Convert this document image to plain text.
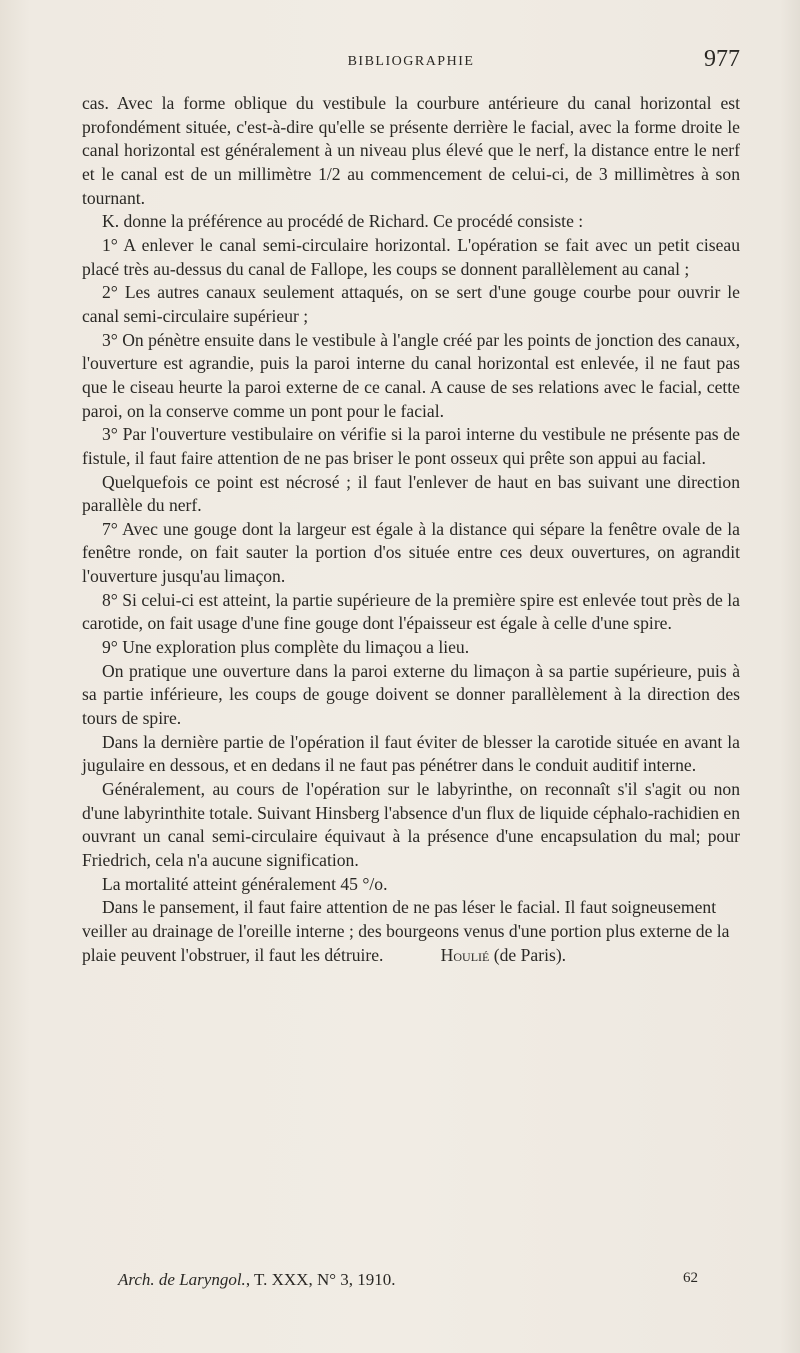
BIBLIOGRAPHIE	977

cas. Avec la forme oblique du vestibule la courbure antérieure du canal horizontal est profondément située, c'est-à-dire qu'elle se présente derrière le facial, avec la forme droite le canal horizontal est généralement à un niveau plus élevé que le nerf, la distance entre le nerf et le canal est de un millimètre 1/2 au commencement de celui-ci, de 3 millimètres à son tournant.

K. donne la préférence au procédé de Richard. Ce procédé consiste :

1° A enlever le canal semi-circulaire horizontal. L'opération se fait avec un petit ciseau placé très au-dessus du canal de Fallope, les coups se donnent parallèlement au canal ;

2° Les autres canaux seulement attaqués, on se sert d'une gouge courbe pour ouvrir le canal semi-circulaire supérieur ;

3° On pénètre ensuite dans le vestibule à l'angle créé par les points de jonction des canaux, l'ouverture est agrandie, puis la paroi interne du canal horizontal est enlevée, il ne faut pas que le ciseau heurte la paroi externe de ce canal. A cause de ses relations avec le facial, cette paroi, on la conserve comme un pont pour le facial.

3° Par l'ouverture vestibulaire on vérifie si la paroi interne du vestibule ne présente pas de fistule, il faut faire attention de ne pas briser le pont osseux qui prête son appui au facial.

Quelquefois ce point est nécrosé ; il faut l'enlever de haut en bas suivant une direction parallèle du nerf.

7° Avec une gouge dont la largeur est égale à la distance qui sépare la fenêtre ovale de la fenêtre ronde, on fait sauter la portion d'os située entre ces deux ouvertures, on agrandit l'ouverture jusqu'au limaçon.

8° Si celui-ci est atteint, la partie supérieure de la première spire est enlevée tout près de la carotide, on fait usage d'une fine gouge dont l'épaisseur est égale à celle d'une spire.

9° Une exploration plus complète du limaçou a lieu.

On pratique une ouverture dans la paroi externe du limaçon à sa partie supérieure, puis à sa partie inférieure, les coups de gouge doivent se donner parallèlement à la direction des tours de spire.

Dans la dernière partie de l'opération il faut éviter de blesser la carotide située en avant la jugulaire en dessous, et en dedans il ne faut pas pénétrer dans le conduit auditif interne.

Généralement, au cours de l'opération sur le labyrinthe, on reconnaît s'il s'agit ou non d'une labyrinthite totale. Suivant Hinsberg l'absence d'un flux de liquide céphalo-rachidien en ouvrant un canal semi-circulaire équivaut à la présence d'une encapsulation du mal; pour Friedrich, cela n'a aucune signification.

La mortalité atteint généralement 45 °/o.

Dans le pansement, il faut faire attention de ne pas léser le facial. Il faut soigneusement veiller au drainage de l'oreille interne ; des bourgeons venus d'une portion plus externe de la plaie peuvent l'obstruer, il faut les détruire.	Houlié (de Paris).

Arch. de Laryngol., T. XXX, N° 3, 1910.	62
